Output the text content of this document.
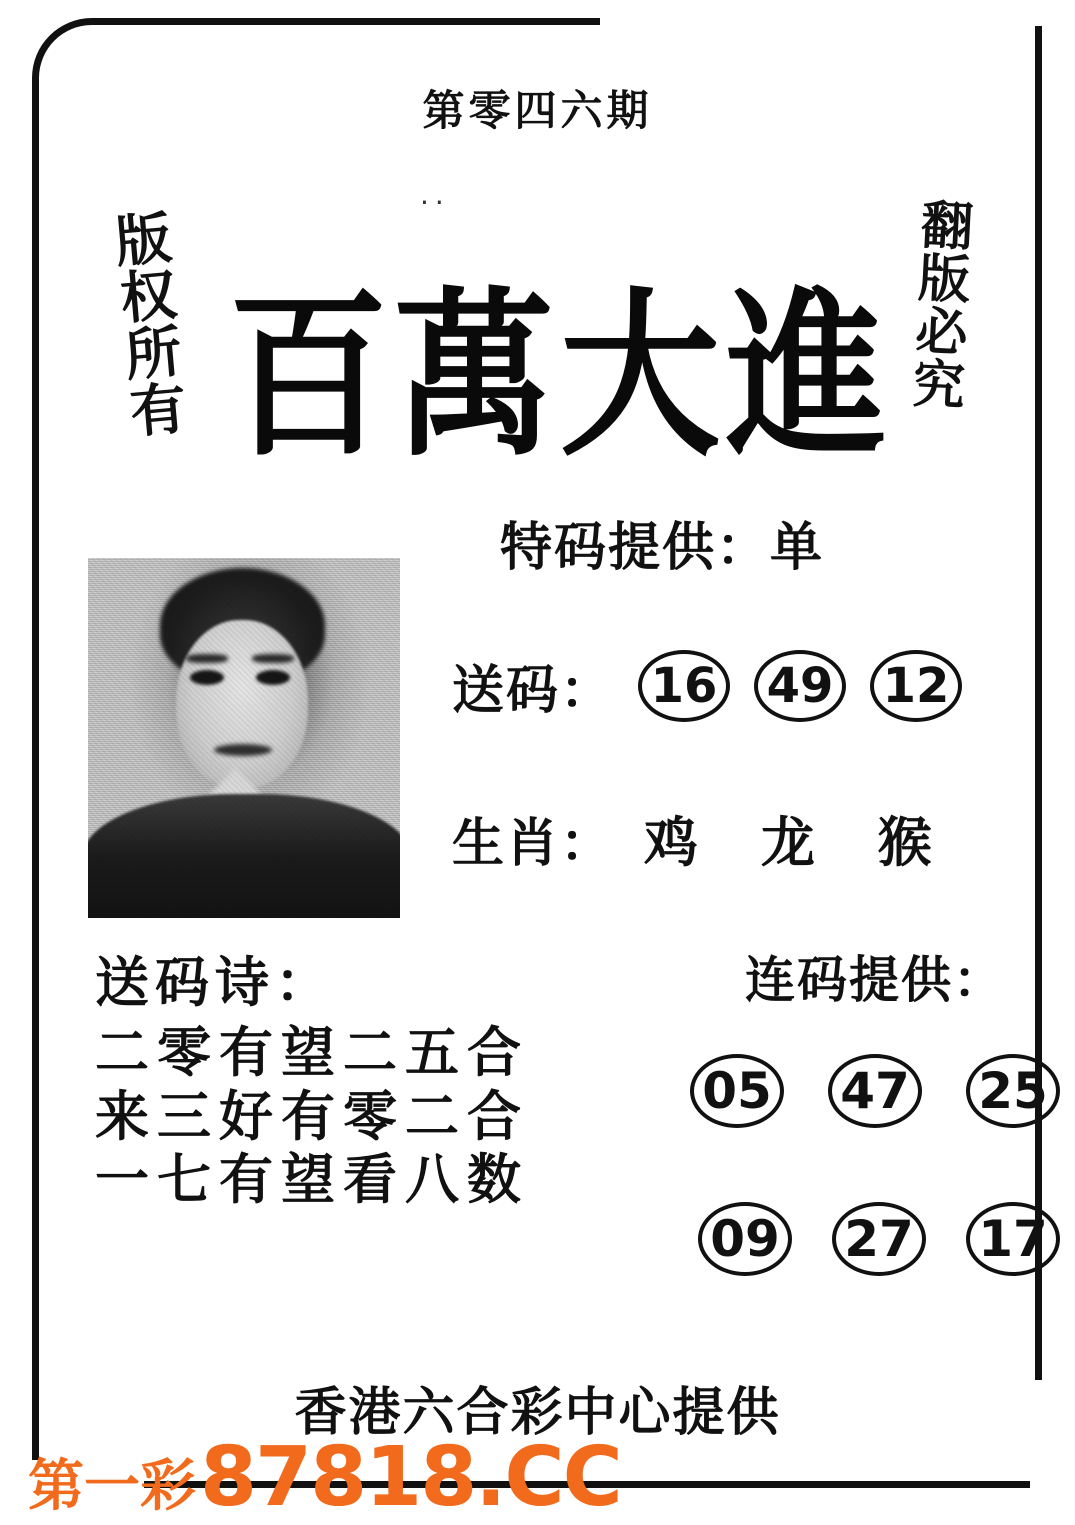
第零四六期
..
版
权
所
有
翻
版
必
究
百萬大進
特码提供：单
送码： 16 49 12
生肖： 鸡 龙 猴
送码诗：
二零有望二五合
来三好有零二合
一七有望看八数
连码提供：
05 47 25
09 27 17
香港六合彩中心提供
第一彩 87818.CC
